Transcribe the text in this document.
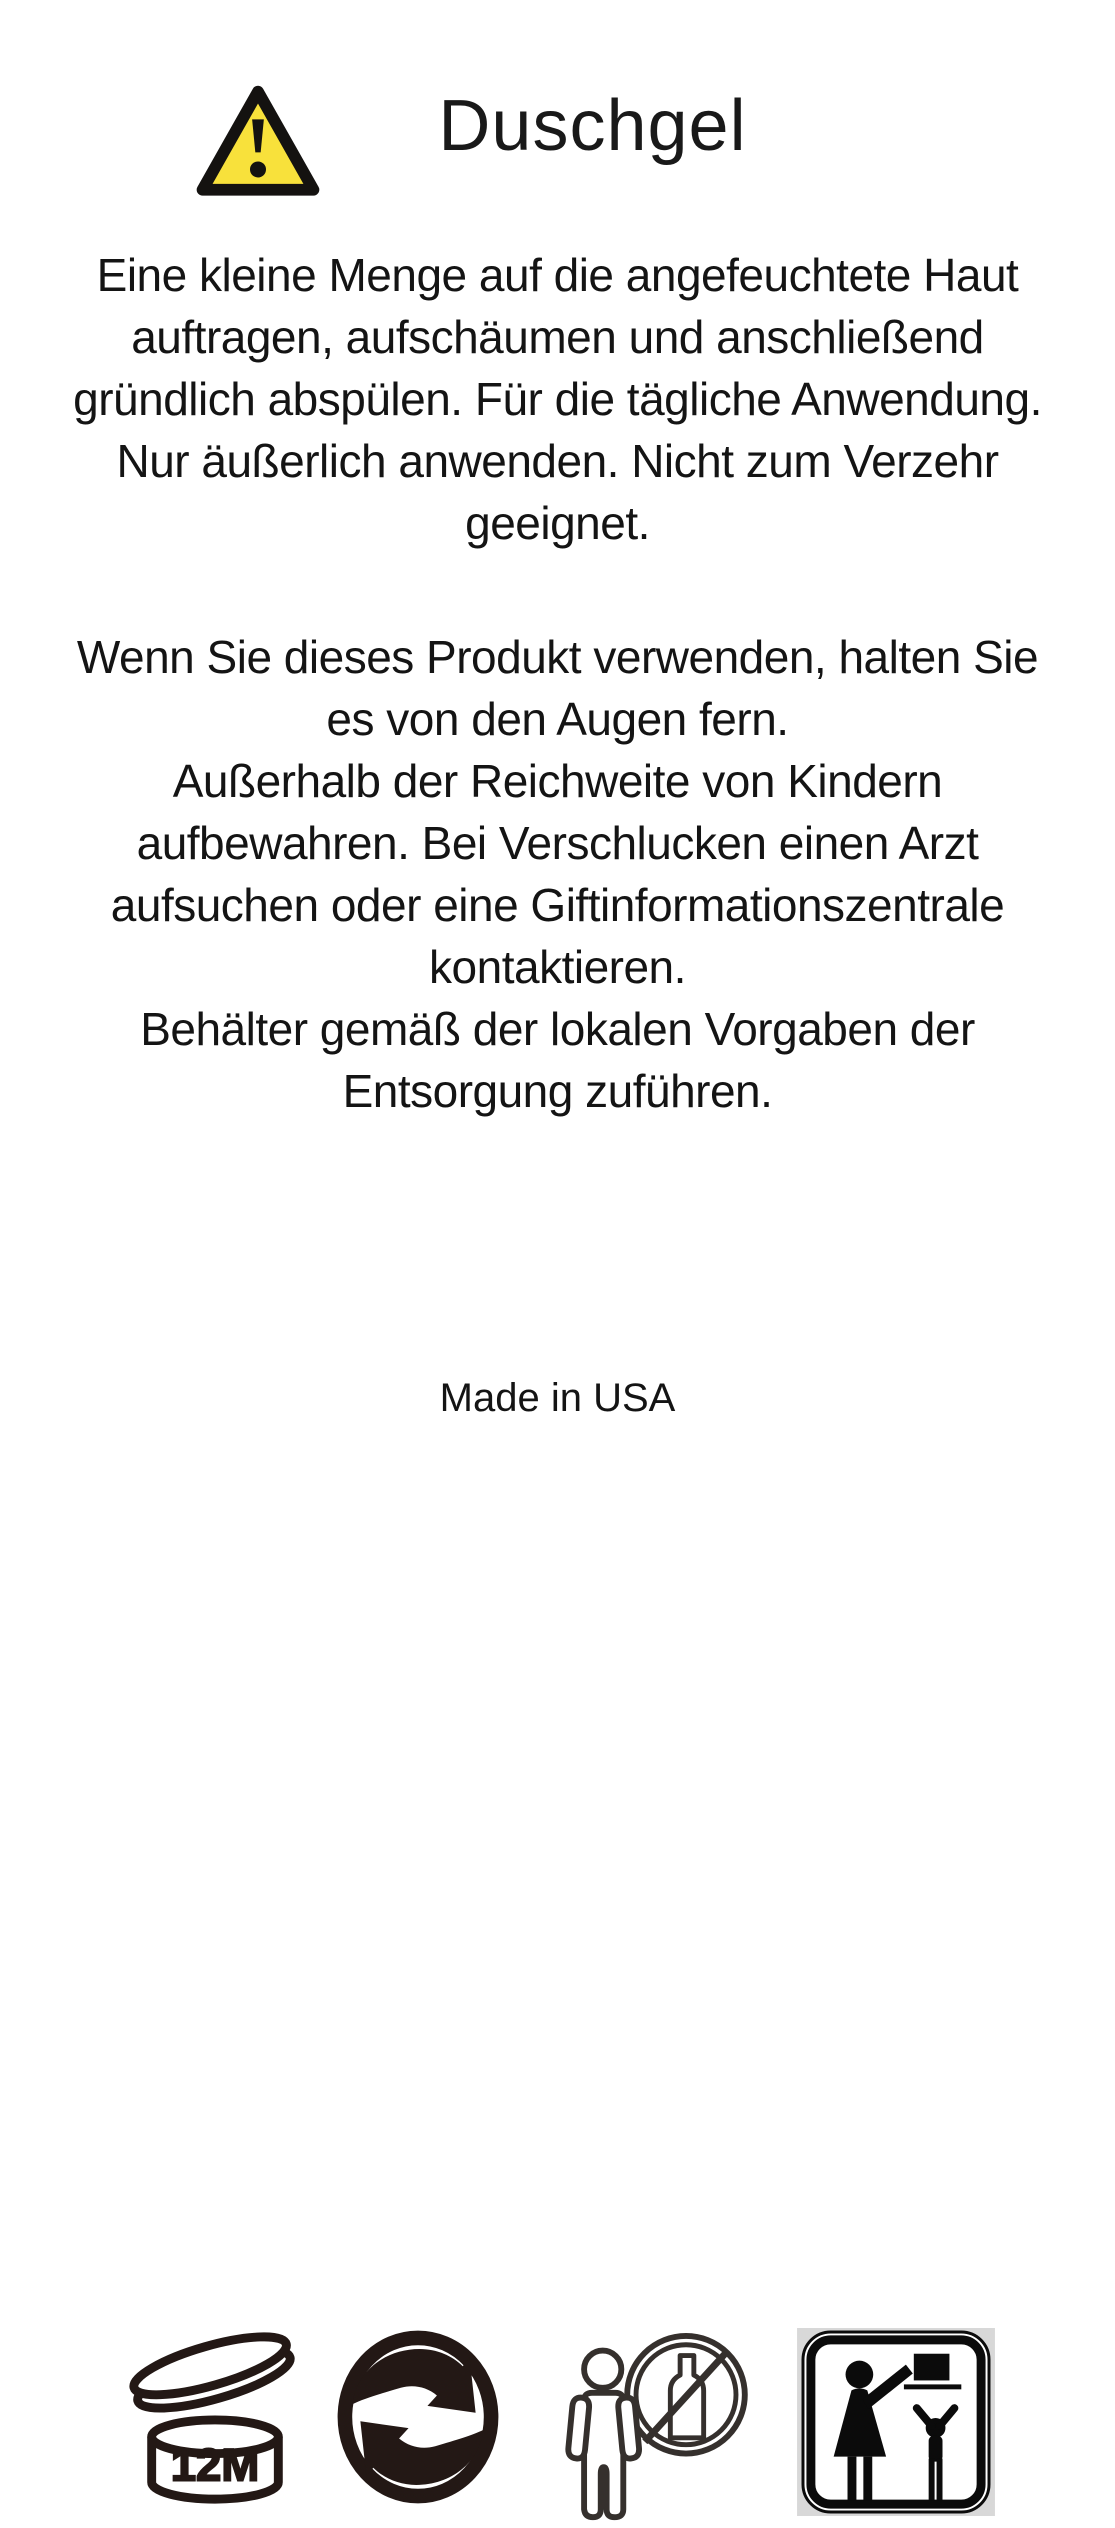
Duschgel
Eine kleine Menge auf die angefeuchtete Haut
auftragen, aufschäumen und anschließend
gründlich abspülen. Für die tägliche Anwendung.
Nur äußerlich anwenden. Nicht zum Verzehr
geeignet.
Wenn Sie dieses Produkt verwenden, halten Sie
es von den Augen fern.
Außerhalb der Reichweite von Kindern
aufbewahren. Bei Verschlucken einen Arzt
aufsuchen oder eine Giftinformationszentrale
kontaktieren.
Behälter gemäß der lokalen Vorgaben der
Entsorgung zuführen.
12M
Made in USA
